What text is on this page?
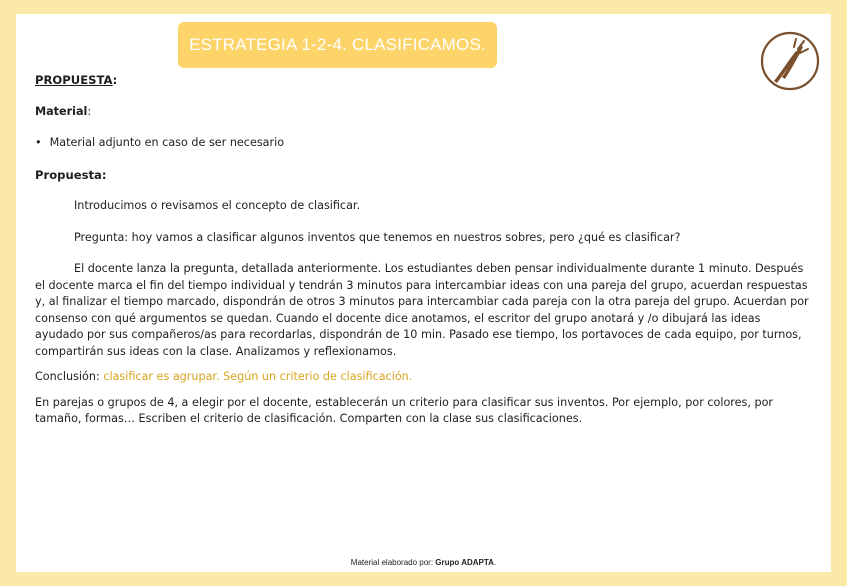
ESTRATEGIA 1-2-4. CLASIFICAMOS.

PROPUESTA:

Material:

• Material adjunto en caso de ser necesario

Propuesta:

Introducimos o revisamos el concepto de clasificar.

Pregunta: hoy vamos a clasificar algunos inventos que tenemos en nuestros sobres, pero ¿qué es clasificar?

El docente lanza la pregunta, detallada anteriormente. Los estudiantes deben pensar individualmente durante 1 minuto. Después el docente marca el fin del tiempo individual y tendrán 3 minutos para intercambiar ideas con una pareja del grupo, acuerdan respuestas y, al finalizar el tiempo marcado, dispondrán de otros 3 minutos para intercambiar cada pareja con la otra pareja del grupo. Acuerdan por consenso con qué argumentos se quedan. Cuando el docente dice anotamos, el escritor del grupo anotará y /o dibujará las ideas ayudado por sus compañeros/as para recordarlas, dispondrán de 10 min. Pasado ese tiempo, los portavoces de cada equipo, por turnos, compartirán sus ideas con la clase. Analizamos y reflexionamos.

Conclusión: clasificar es agrupar. Según un criterio de clasificación.

En parejas o grupos de 4, a elegir por el docente, establecerán un criterio para clasificar sus inventos. Por ejemplo, por colores, por tamaño, formas… Escriben el criterio de clasificación. Comparten con la clase sus clasificaciones.

Material elaborado por: Grupo ADAPTA.
